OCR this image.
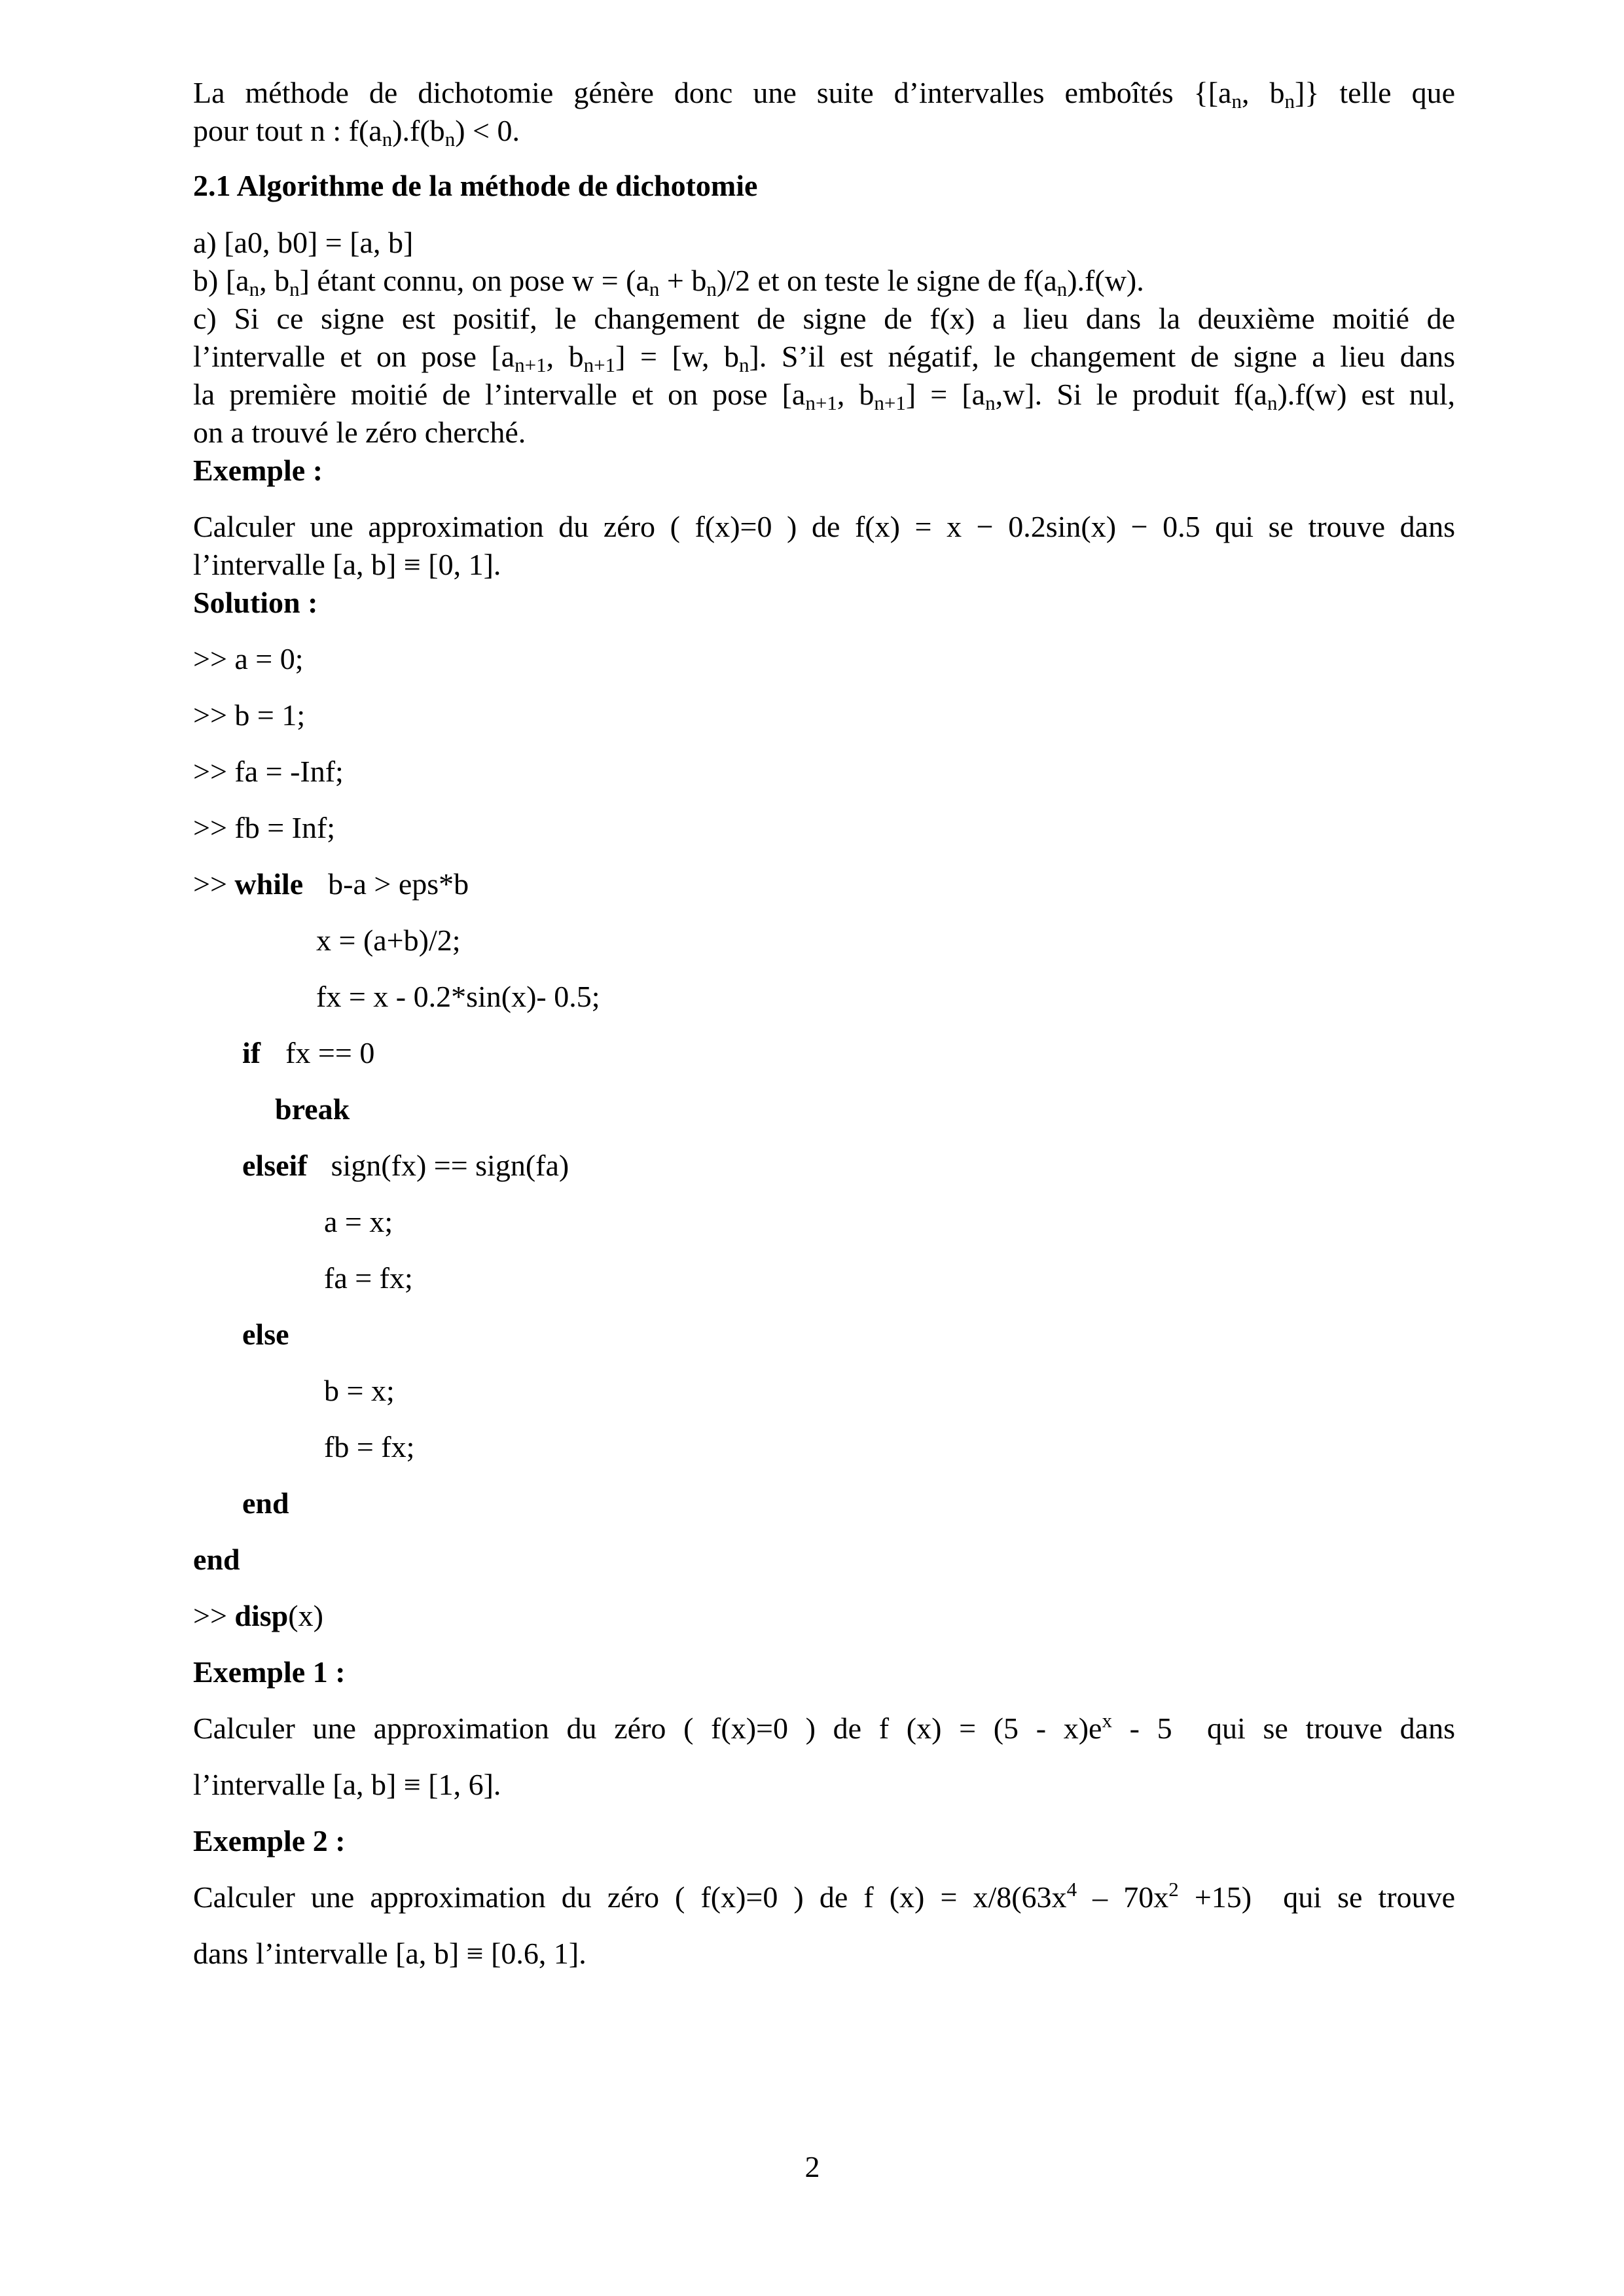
La méthode de dichotomie génère donc une suite d’intervalles emboîtés {[$a_n$, $b_n$]} telle que
pour tout n : $f(a_n).f(b_n) < 0$.
2.1 Algorithme de la méthode de dichotomie
a) [a0, b0] = [a, b]
b) [$a_n$, $b_n$] étant connu, on pose $w = (a_n + b_n)/2$ et on teste le signe de $f(a_n).f(w)$.
c) Si ce signe est positif, le changement de signe de f(x) a lieu dans la deuxième moitié de
l’intervalle et on pose [$a_{n+1}$, $b_{n+1}] = [w$, $b_n$]. S’il est négatif, le changement de signe a lieu dans
la première moitié de l’intervalle et on pose [$a_{n+1}$, $b_{n+1}] = [a_n,w]$. Si le produit $f(a_n).f(w)$ est nul,
on a trouvé le zéro cherché.
Exemple :
Calculer une approximation du zéro ( f(x)=0 ) de f(x) = x − 0.2sin(x) − 0.5 qui se trouve dans
l’intervalle [a, b] ≡ [0, 1].
Solution :
>> a = 0;
>> b = 1;
>> fa = -Inf;
>> fb = Inf;
>> while b-a > eps*b
x = (a+b)/2;
fx = x - 0.2*sin(x)- 0.5;
if fx == 0
break
elseif sign(fx) == sign(fa)
a = x;
fa = fx;
else
b = x;
fb = fx;
end
end
>> disp(x)
Exemple 1 :
Calculer une approximation du zéro ( f(x)=0 ) de f $(x) = (5 - x)e^x - 5$  qui se trouve dans
l’intervalle [a, b] ≡ [1, 6].
Exemple 2 :
Calculer une approximation du zéro ( f(x)=0 ) de f $(x) = x/8(63x^4 - 70x^2 +15)$  qui se trouve
dans l’intervalle [a, b] ≡ [0.6, 1].
2
